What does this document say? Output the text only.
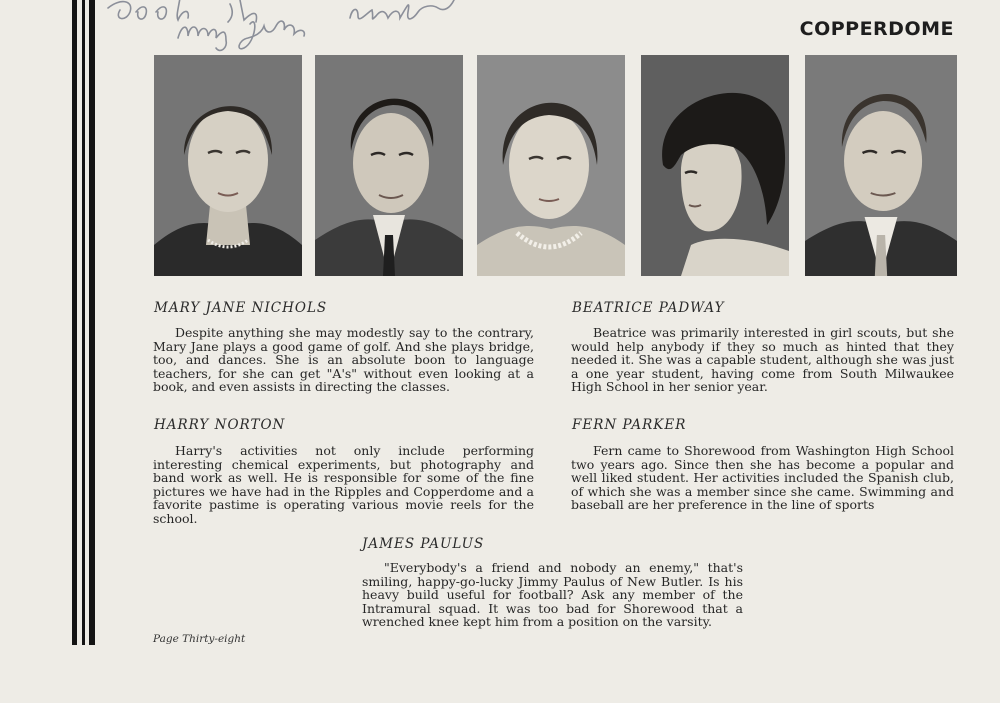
COPPERDOME
MARY JANE NICHOLS

Despite anything she may modestly say to the contrary, Mary Jane plays a good game of golf. And she plays bridge, too, and dances. She is an absolute boon to language teachers, for she can get "A's" without even looking at a book, and even assists in directing the classes.

BEATRICE PADWAY

Beatrice was primarily interested in girl scouts, but she would help anybody if they so much as hinted that they needed it. She was a capable student, although she was just a one year student, having come from South Milwaukee High School in her senior year.

HARRY NORTON

Harry's activities not only include performing interesting chemical experiments, but photography and band work as well. He is responsible for some of the fine pictures we have had in the Ripples and Copperdome and a favorite pastime is operating various movie reels for the school.

FERN PARKER

Fern came to Shorewood from Washington High School two years ago. Since then she has become a popular and well liked student. Her activities included the Spanish club, of which she was a member since she came. Swimming and baseball are her preference in the line of sports

JAMES PAULUS

"Everybody's a friend and nobody an enemy," that's smiling, happy-go-lucky Jimmy Paulus of New Butler. Is his heavy build useful for football? Ask any member of the Intramural squad. It was too bad for Shorewood that a wrenched knee kept him from a position on the varsity.

Page Thirty-eight
